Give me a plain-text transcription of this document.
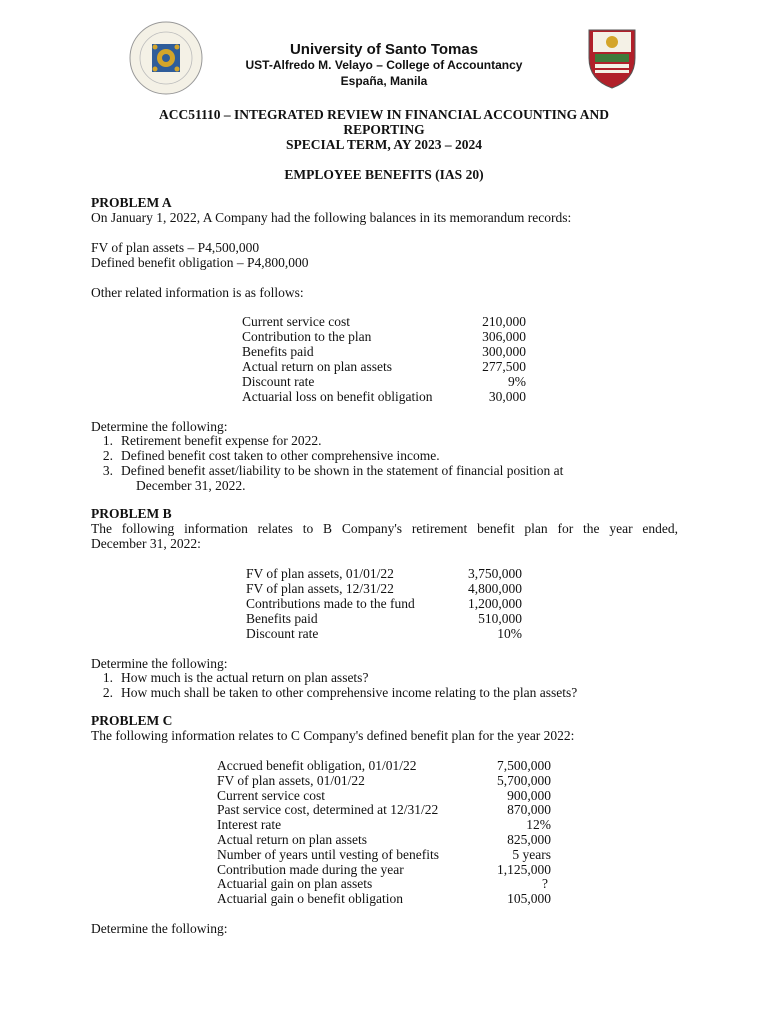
University of Santo Tomas
UST-Alfredo M. Velayo – College of Accountancy
España, Manila
ACC51110 – INTEGRATED REVIEW IN FINANCIAL ACCOUNTING AND
REPORTING
SPECIAL TERM, AY 2023 – 2024
EMPLOYEE BENEFITS (IAS 20)
PROBLEM A
On January 1, 2022, A Company had the following balances in its memorandum records:
FV of plan assets – P4,500,000
Defined benefit obligation – P4,800,000
Other related information is as follows:
Current service cost	210,000
Contribution to the plan	306,000
Benefits paid	300,000
Actual return on plan assets	277,500
Discount rate	9%
Actuarial loss on benefit obligation	30,000
Determine the following:
1. Retirement benefit expense for 2022.
2. Defined benefit cost taken to other comprehensive income.
3. Defined benefit asset/liability to be shown in the statement of financial position at
December 31, 2022.
PROBLEM B
The following information relates to B Company's retirement benefit plan for the year ended,
December 31, 2022:
FV of plan assets, 01/01/22	3,750,000
FV of plan assets, 12/31/22	4,800,000
Contributions made to the fund	1,200,000
Benefits paid	510,000
Discount rate	10%
Determine the following:
1. How much is the actual return on plan assets?
2. How much shall be taken to other comprehensive income relating to the plan assets?
PROBLEM C
The following information relates to C Company's defined benefit plan for the year 2022:
Accrued benefit obligation, 01/01/22	7,500,000
FV of plan assets, 01/01/22	5,700,000
Current service cost	900,000
Past service cost, determined at 12/31/22	870,000
Interest rate	12%
Actual return on plan assets	825,000
Number of years until vesting of benefits	5 years
Contribution made during the year	1,125,000
Actuarial gain on plan assets	?
Actuarial gain o benefit obligation	105,000
Determine the following:
